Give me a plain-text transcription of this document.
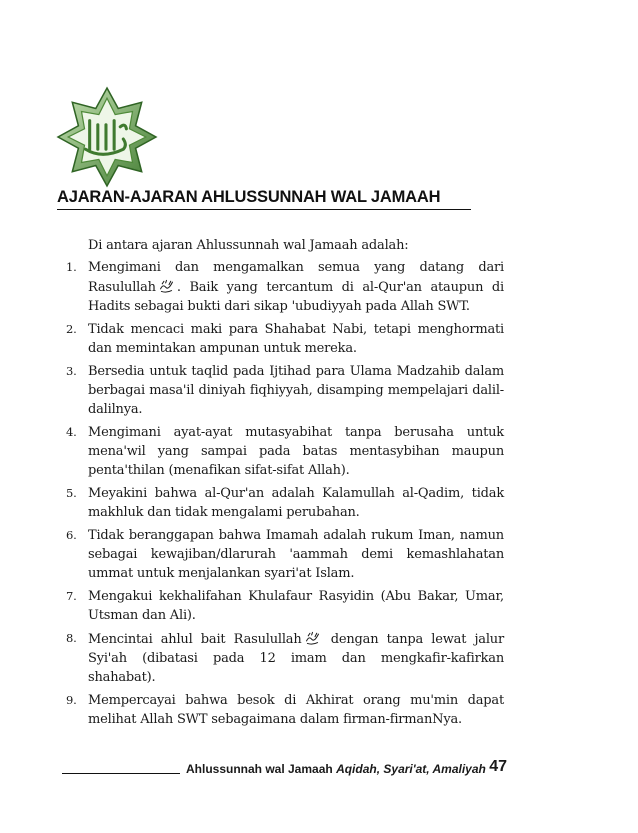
AJARAN-AJARAN AHLUSSUNNAH WAL JAMAAH
Di antara ajaran Ahlussunnah wal Jamaah adalah:
1. Mengimani dan mengamalkan semua yang datang dari Rasulullah . Baik yang tercantum di al-Qur'an ataupun di Hadits sebagai bukti dari sikap 'ubudiyyah pada Allah SWT.
2. Tidak mencaci maki para Shahabat Nabi, tetapi menghormati dan memintakan ampunan untuk mereka.
3. Bersedia untuk taqlid pada Ijtihad para Ulama Madzahib dalam berbagai masa'il diniyah fiqhiyyah, disamping mempelajari dalil-dalilnya.
4. Mengimani ayat-ayat mutasyabihat tanpa berusaha untuk mena'wil yang sampai pada batas mentasybihan maupun penta'thilan (menafikan sifat-sifat Allah).
5. Meyakini bahwa al-Qur'an adalah Kalamullah al-Qadim, tidak makhluk dan tidak mengalami perubahan.
6. Tidak beranggapan bahwa Imamah adalah rukum Iman, namun sebagai kewajiban/dlarurah 'aammah demi kemashlahatan ummat untuk menjalankan syari'at Islam.
7. Mengakui kekhalifahan Khulafaur Rasyidin (Abu Bakar, Umar, Utsman dan Ali).
8. Mencintai ahlul bait Rasulullah dengan tanpa lewat jalur Syi'ah (dibatasi pada 12 imam dan mengkafir-kafirkan shahabat).
9. Mempercayai bahwa besok di Akhirat orang mu'min dapat melihat Allah SWT sebagaimana dalam firman-firmanNya.
Ahlussunnah wal Jamaah Aqidah, Syari'at, Amaliyah 47
